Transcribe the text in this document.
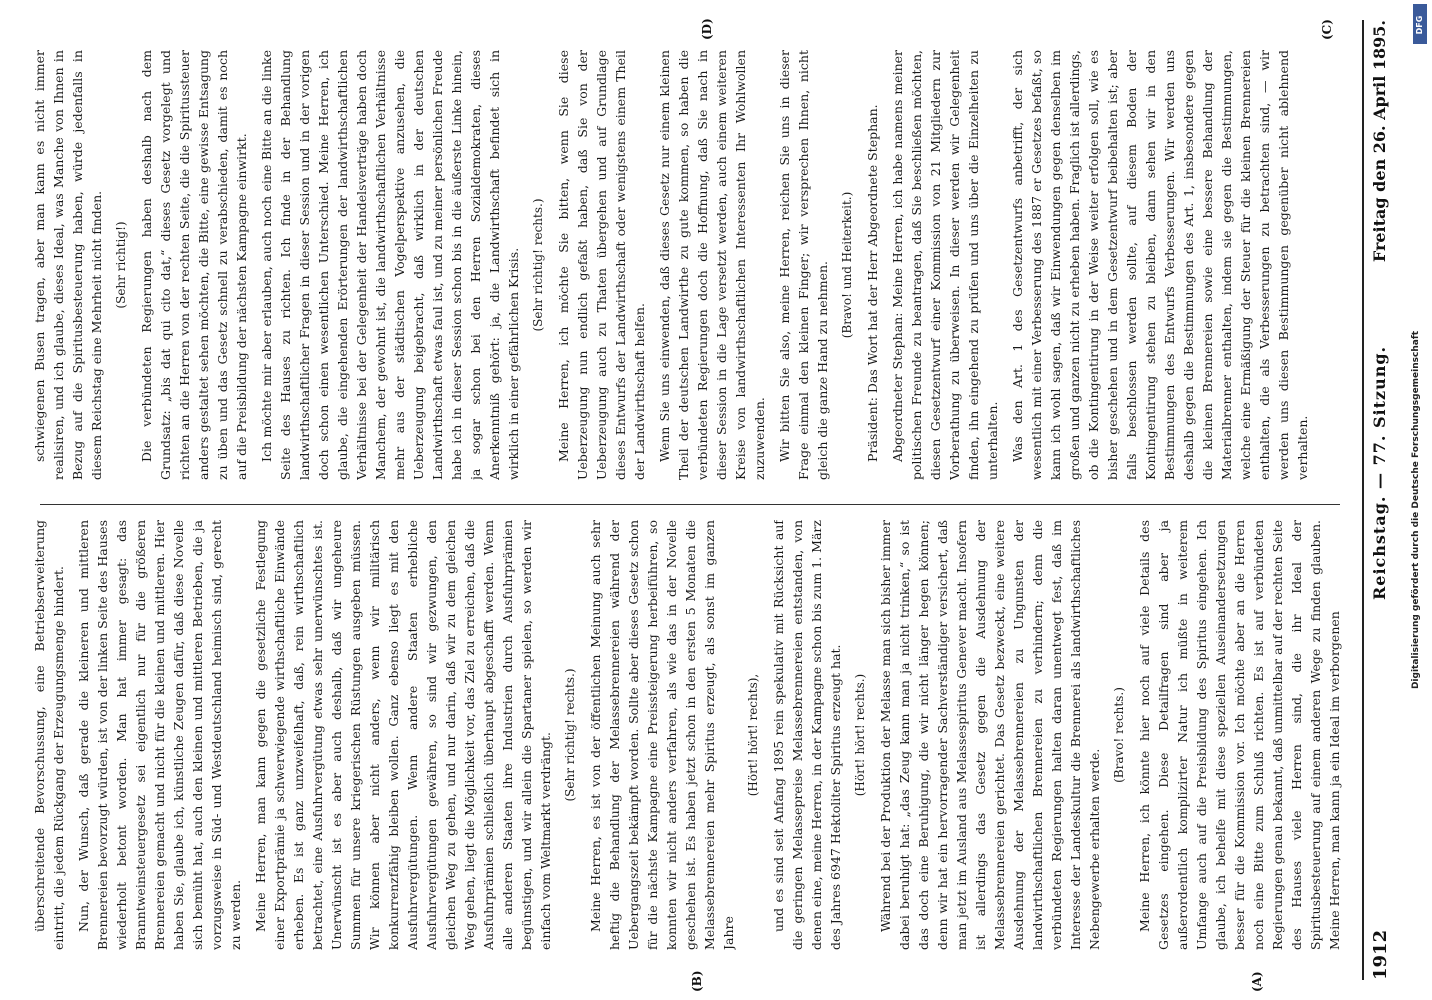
1912
Reichstag. — 77. Sitzung.
Freitag den 26. April 1895.
(A)
(B)
(C)
(D)

überschreitende Bevorschussung, eine Betriebserweiterung eintritt, die jedem Rückgang der Erzeugungsmenge hindert. Nun, der Wunsch, daß gerade die kleineren und mittleren Brennereien bevorzugt würden, ist von der linken Seite des Hauses wiederholt betont worden. Man hat immer gesagt: das Branntweinsteuergesetz sei eigentlich nur für die größeren Brennereien gemacht und nicht für die kleinen und mittleren. Hier haben Sie, glaube ich, künstliche Zeugen dafür, daß diese Novelle sich bemüht hat, auch den kleinen und mittleren Betrieben, die ja vorzugsweise in Süd- und Westdeutschland heimisch sind, gerecht zu werden. Meine Herren, man kann gegen die gesetzliche Festlegung einer Exportprämie ja schwerwiegende wirthschaftliche Einwände erheben. Es ist ganz unzweifelhaft, daß, rein wirthschaftlich betrachtet, eine Ausfuhrvergütung etwas sehr unerwünschtes ist. Unerwünscht ist es aber auch deshalb, daß wir ungeheure Summen für unsere kriegerischen Rüstungen ausgeben müssen. Wir können aber nicht anders, wenn wir militärisch konkurrenzfähig bleiben wollen. Ganz ebenso liegt es mit den Ausfuhrvergütungen. Wenn andere Staaten erhebliche Ausfuhrvergütungen gewähren, so sind wir gezwungen, den gleichen Weg zu gehen, und nur darin, daß wir zu dem gleichen Weg gehen, liegt die Möglichkeit vor, das Ziel zu erreichen, daß die Ausfuhrprämien schließlich überhaupt abgeschafft werden. Wenn alle anderen Staaten ihre Industrien durch Ausfuhrprämien begünstigen, und wir allein die Spartaner spielen, so werden wir einfach vom Weltmarkt verdrängt. (Sehr richtig! rechts.) Meine Herren, es ist von der öffentlichen Meinung auch sehr heftig die Behandlung der Melassebrennereien während der Uebergangszeit bekämpft worden. Sollte aber dieses Gesetz schon für die nächste Kampagne eine Preissteigerung herbeiführen, so konnten wir nicht anders verfahren, als wie das in der Novelle geschehen ist. Es haben jetzt schon in den ersten 5 Monaten die Melassebrennereien mehr Spiritus erzeugt, als sonst im ganzen Jahre

(Hört! hört! rechts), und es sind seit Anfang 1895 rein spekulativ mit Rücksicht auf die geringen Melassepreise Melassebrennereien entstanden, von denen eine, meine Herren, in der Kampagne schon bis zum 1. März des Jahres 6947 Hektoliter Spiritus erzeugt hat. (Hört! hört! rechts.) Während bei der Produktion der Melasse man sich bisher immer dabei beruhigt hat: „das Zeug kann man ja nicht trinken,“ so ist das doch eine Beruhigung, die wir nicht länger hegen können; denn wir hat ein hervorragender Sachverständiger versichert, daß man jetzt im Ausland aus Melassespiritus Genever macht. Insofern ist allerdings das Gesetz gegen die Ausdehnung der Melassebrennereien gerichtet. Das Gesetz bezweckt, eine weitere Ausdehnung der Melassebrennereien zu Ungunsten der landwirthschaftlichen Brennereien zu verhindern; denn die verbündeten Regierungen halten daran unentwegt fest, daß im Interesse der Landeskultur die Brennerei als landwirthschaftliches Nebengewerbe erhalten werde.

(Bravo! rechts.) Meine Herren, ich könnte hier noch auf viele Details des Gesetzes eingehen. Diese Detailfragen sind aber ja außerordentlich komplizirter Natur ich müßte in weiterem Umfange auch auf die Preisbildung des Spiritus eingehen. Ich glaube, ich behelfe mit diese speziellen Auseinandersetzungen besser für die Kommission vor. Ich möchte aber an die Herren noch eine Bitte zum Schluß richten. Es ist auf verbündeten Regierungen genau bekannt, daß unmittelbar auf der rechten Seite des Hauses viele Herren sind, die ihr Ideal der Spiritusbesteuerung auf einem anderen Wege zu finden glauben. Meine Herren, man kann ja ein Ideal im verborgenen

schwiegenen Busen tragen, aber man kann es nicht immer realisiren, und ich glaube, dieses Ideal, was Manche von Ihnen in Bezug auf die Spiritusbesteuerung haben, würde jedenfalls in diesem Reichstag eine Mehrheit nicht finden. (Sehr richtig!) Die verbündeten Regierungen haben deshalb nach dem Grundsatz: „bis dat qui cito dat,“ dieses Gesetz vorgelegt und richten an die Herren von der rechten Seite, die die Spiritussteuer anders gestaltet sehen möchten, die Bitte, eine gewisse Entsagung zu üben und das Gesetz schnell zu verabschieden, damit es noch auf die Preisbildung der nächsten Kampagne einwirkt. Ich möchte mir aber erlauben, auch noch eine Bitte an die linke Seite des Hauses zu richten. Ich finde in der Behandlung landwirthschaftlicher Fragen in dieser Session und in der vorigen doch schon einen wesentlichen Unterschied. Meine Herren, ich glaube, die eingehenden Erörterungen der landwirthschaftlichen Verhältnisse bei der Gelegenheit der Handelsverträge haben doch Manchem, der gewohnt ist, die landwirthschaftlichen Verhältnisse mehr aus der städtischen Vogelperspektive anzusehen, die Ueberzeugung beigebracht, daß wirklich in der deutschen Landwirthschaft etwas faul ist, und zu meiner persönlichen Freude habe ich in dieser Session schon bis in die äußerste Linke hinein, ja sogar schon bei den Herren Sozialdemokraten, dieses Anerkenntniß gehört: ja, die Landwirthschaft befindet sich in wirklich in einer gefährlichen Krisis. (Sehr richtig! rechts.) Meine Herren, ich möchte Sie bitten, wenn Sie diese Ueberzeugung nun endlich gefaßt haben, daß Sie von der Ueberzeugung auch zu Thaten übergehen und auf Grundlage dieses Entwurfs der Landwirthschaft oder wenigstens einem Theil der Landwirthschaft helfen. Wenn Sie uns einwenden, daß dieses Gesetz nur einem kleinen Theil der deutschen Landwirthe zu gute kommen, so haben die verbündeten Regierungen doch die Hoffnung, daß Sie nach in dieser Session in die Lage versetzt werden, auch einem weiteren Kreise von landwirthschaftlichen Interessenten Ihr Wohlwollen zuzuwenden. Wir bitten Sie also, meine Herren, reichen Sie uns in dieser Frage einmal den kleinen Finger; wir versprechen Ihnen, nicht gleich die ganze Hand zu nehmen. (Bravo! und Heiterkeit.) Präsident: Das Wort hat der Herr Abgeordnete Stephan. Abgeordneter Stephan: Meine Herren, ich habe namens meiner politischen Freunde zu beantragen, daß Sie beschließen möchten, diesen Gesetzentwurf einer Kommission von 21 Mitgliedern zur Vorberathung zu überweisen. In dieser werden wir Gelegenheit finden, ihn eingehend zu prüfen und uns über die Einzelheiten zu unterhalten. Was den Art. 1 des Gesetzentwurfs anbetrifft, der sich wesentlich mit einer Verbesserung des 1887 er Gesetzes befaßt, so kann ich wohl sagen, daß wir Einwendungen gegen denselben im großen und ganzen nicht zu erheben haben. Fraglich ist allerdings, ob die Kontingentirung in der Weise weiter erfolgen soll, wie es bisher geschehen und in dem Gesetzentwurf beibehalten ist; aber falls beschlossen werden sollte, auf diesem Boden der Kontingentirung stehen zu bleiben, dann sehen wir in den Bestimmungen des Entwurfs Verbesserungen. Wir werden uns deshalb gegen die Bestimmungen des Art. 1, insbesondere gegen die kleinen Brennereien sowie eine bessere Behandlung der Materialbrenner enthalten, indem sie gegen die Bestimmungen, welche eine Ermäßigung der Steuer für die kleinen Brennereien enthalten, die als Verbesserungen zu betrachten sind, — wir werden uns diesen Bestimmungen gegenüber nicht ablehnend verhalten.	Digitalisierung gefördert durch die Deutsche Forschungsgemeinschaft
DFG
